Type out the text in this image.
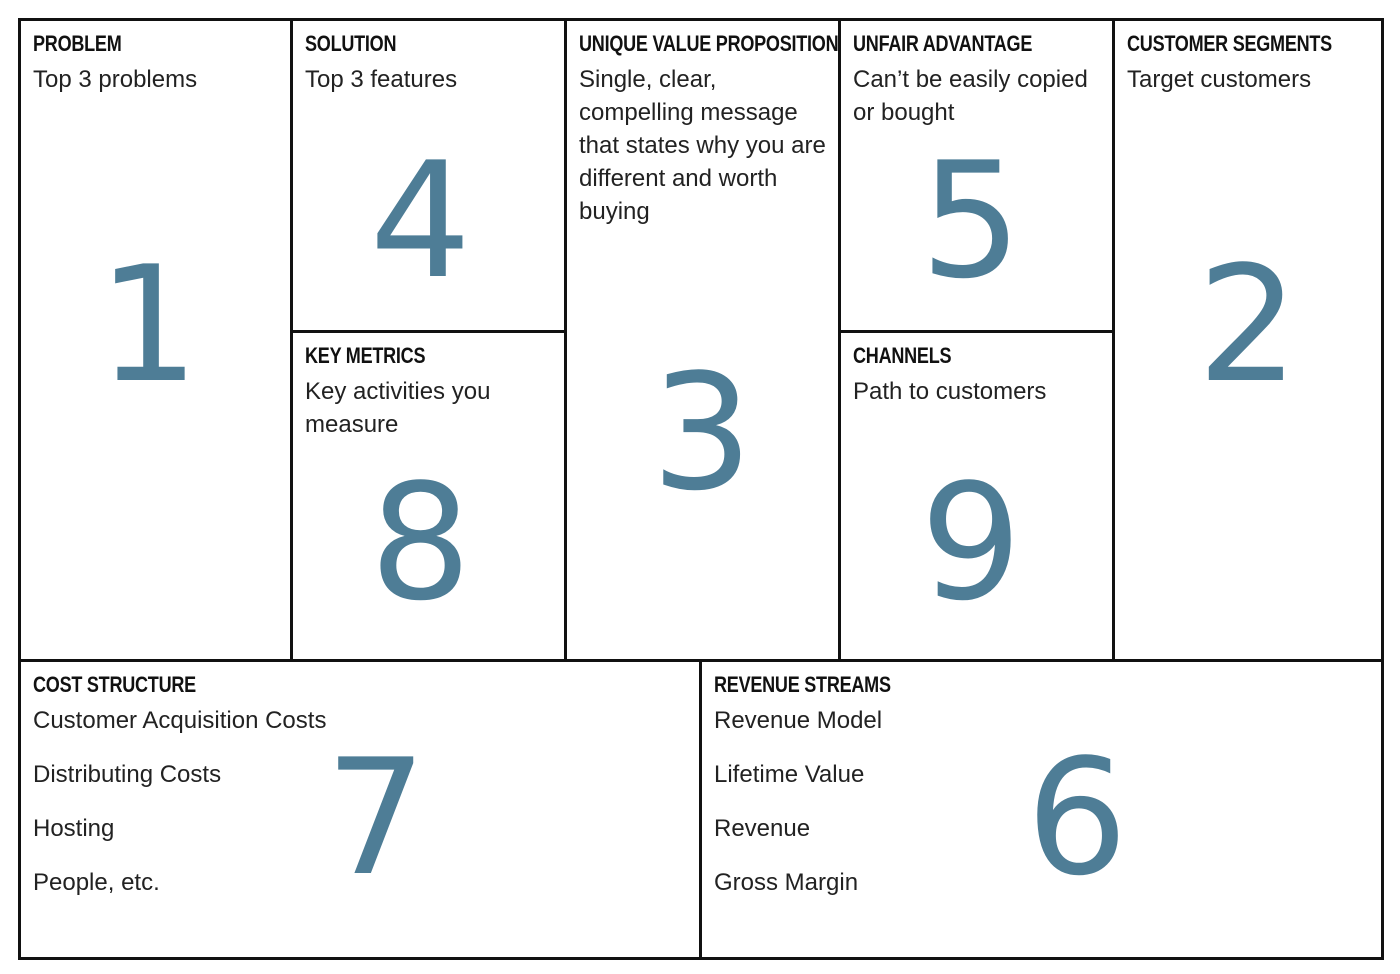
PROBLEM
Top 3 problems
1
SOLUTION
Top 3 features
4
KEY METRICS
Key activities you measure
8
UNIQUE VALUE PROPOSITION
Single, clear, compelling message that states why you are different and worth buying
3
UNFAIR ADVANTAGE
Can’t be easily copied or bought
5
CHANNELS
Path to customers
9
CUSTOMER SEGMENTS
Target customers
2
COST STRUCTURE
Customer Acquisition Costs
Distributing Costs
Hosting
People, etc.	7
REVENUE STREAMS
Revenue Model
Lifetime Value
Revenue
Gross Margin 6
